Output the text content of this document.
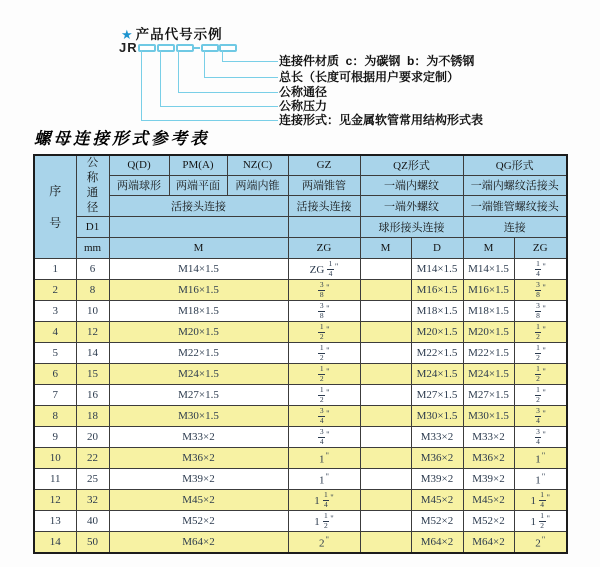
★ 产品代号示例
JR
连接件材质  c：为碳钢  b：为不锈钢
总长（长度可根据用户要求定制）
公称通径
公称压力
连接形式：见金属软管常用结构形式表
螺母连接形式参考表
序号	公称通径	Q(D)	PM(A)	NZ(C)	GZ	QZ形式		QG形式	
		两端球形	两端平面	两端内锥	两端锥管	一端内螺纹		一端内螺纹活接头	
		活接头连接			活接头连接	一端外螺纹		一端锥管螺纹接头	
	D1					球形接头连接		连接	
	mm	M			ZG	M	D	M	ZG
1	6	M14×1.5			ZG $\frac{1}{4} ^"$		M14×1.5	M14×1.5	$\frac{1}{4} ^"$
2	8	M16×1.5			$\frac{3}{8} ^"$		M16×1.5	M16×1.5	$\frac{3}{8} ^"$
3	10	M18×1.5			$\frac{3}{8} ^"$		M18×1.5	M18×1.5	$\frac{3}{8} ^"$
4	12	M20×1.5			$\frac{1}{2} ^"$		M20×1.5	M20×1.5	$\frac{1}{2} ^"$
5	14	M22×1.5			$\frac{1}{2} ^"$		M22×1.5	M22×1.5	$\frac{1}{2} ^"$
6	15	M24×1.5			$\frac{1}{2} ^"$		M24×1.5	M24×1.5	$\frac{1}{2} ^"$
7	16	M27×1.5			$\frac{1}{2} ^"$		M27×1.5	M27×1.5	$\frac{1}{2} ^"$
8	18	M30×1.5			$\frac{3}{4} ^"$		M30×1.5	M30×1.5	$\frac{3}{4} ^"$
9	20	M33×2			$\frac{3}{4} ^"$		M33×2	M33×2	$\frac{3}{4} ^"$
10	22	M36×2			1"		M36×2	M36×2	1"
11	25	M39×2			1"		M39×2	M39×2	1"
12	32	M45×2			$1 \frac{1}{4} ^"$		M45×2	M45×2	$1 \frac{1}{4} ^"$
13	40	M52×2			$1 \frac{1}{2} ^"$		M52×2	M52×2	$1 \frac{1}{2} ^"$
14	50	M64×2			2"		M64×2	M64×2	2"
